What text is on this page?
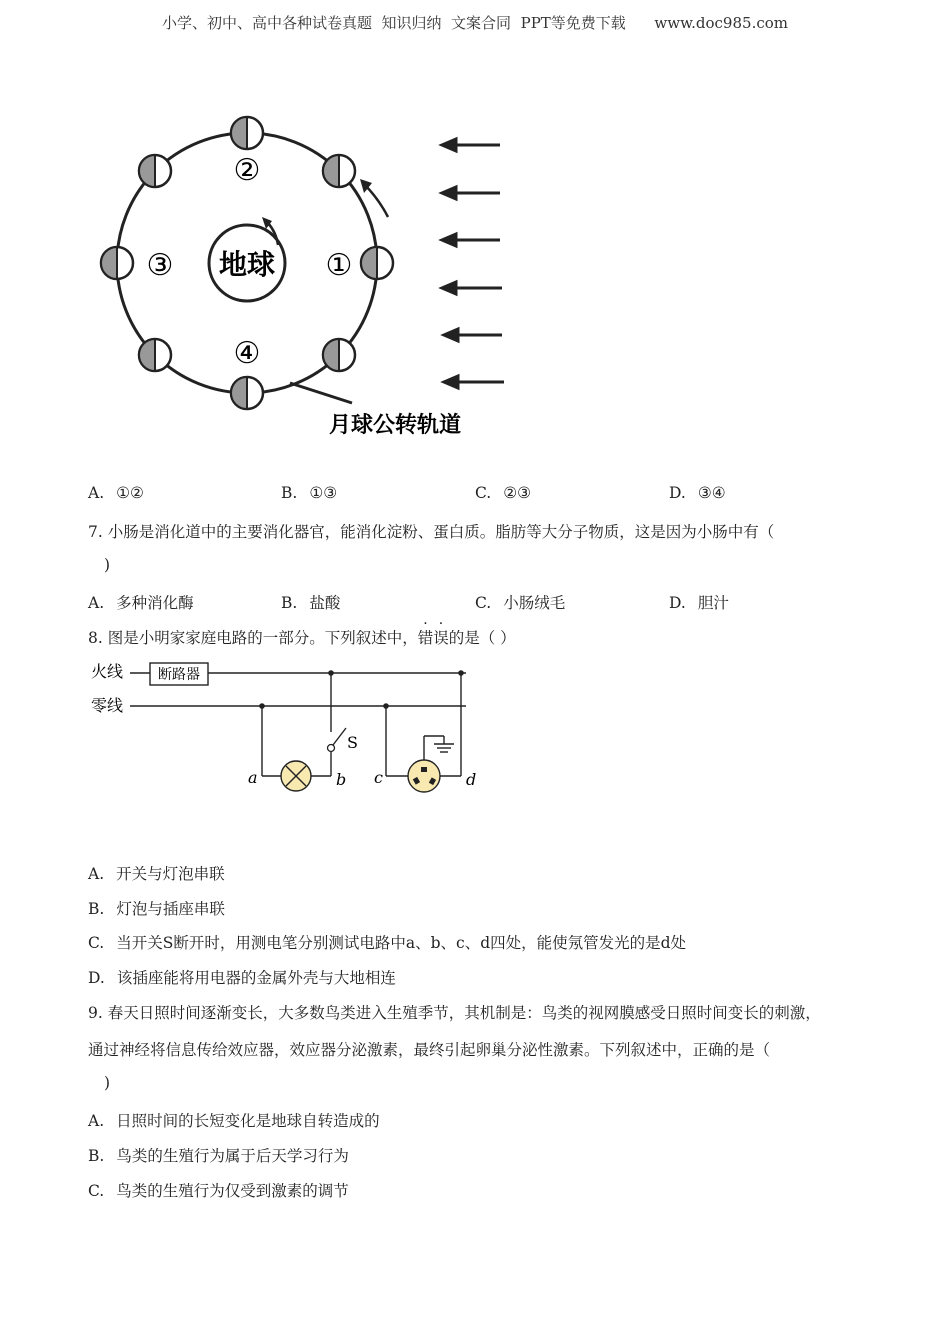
小学、初中、高中各种试卷真题  知识归纳  文案合同  PPT等免费下载      www.doc985.com
地球 ①
②
③
④
月球公转轨道
A. ①②	B. ①③	C. ②③	D. ③④
7. 小肠是消化道中的主要消化器官，能消化淀粉、蛋白质。脂肪等大分子物质，这是因为小肠中有（
)
A. 多种消化酶	B. 盐酸	C. 小肠绒毛	D. 胆汁
8. 图是小明家家庭电路的一部分。下列叙述中，错误的是（ ）
火线
零线
断路器
S
a	b c	d
A. 开关与灯泡串联
B. 灯泡与插座串联
C. 当开关S断开时，用测电笔分别测试电路中a、b、c、d四处，能使氖管发光的是d处
D. 该插座能将用电器的金属外壳与大地相连
9. 春天日照时间逐渐变长，大多数鸟类进入生殖季节，其机制是：鸟类的视网膜感受日照时间变长的刺激，
通过神经将信息传给效应器，效应器分泌激素，最终引起卵巢分泌性激素。下列叙述中，正确的是（
)
A. 日照时间的长短变化是地球自转造成的
B. 鸟类的生殖行为属于后天学习行为
C. 鸟类的生殖行为仅受到激素的调节
